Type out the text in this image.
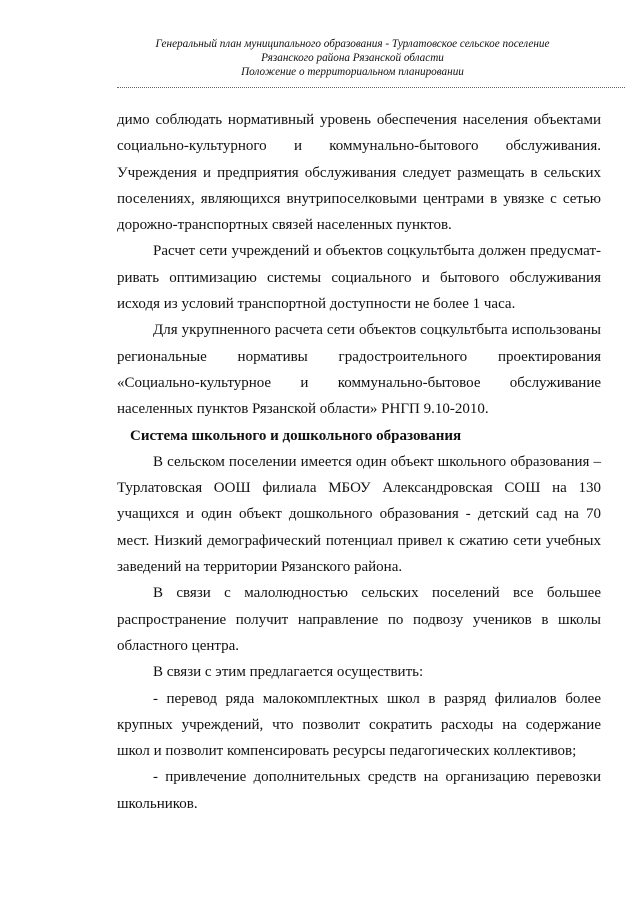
Генеральный план муниципального образования - Турлатовское сельское поселение
Рязанского района Рязанской области
Положение о территориальном планировании

димо соблюдать нормативный уровень обеспечения населения объектами социально-культурного и коммунально-бытового обслуживания. Учреждения и предприятия обслуживания следует размещать в сельских поселениях, являющихся внутрипоселковыми центрами в увязке с сетью дорожно-транспортных связей населенных пунктов.

Расчет сети учреждений и объектов соцкультбыта должен предусмат-ривать оптимизацию системы социального и бытового обслуживания исходя из условий транспортной доступности не более 1 часа.

Для укрупненного расчета сети объектов соцкультбыта использованы региональные нормативы градостроительного проектирования «Социально-культурное и коммунально-бытовое обслуживание населенных пунктов Рязанской области» РНГП 9.10-2010.

Система школьного и дошкольного образования

В сельском поселении имеется один объект школьного образования – Турлатовская ООШ филиала МБОУ Александровская СОШ на 130 учащихся и один объект дошкольного образования - детский сад на 70 мест. Низкий демографический потенциал привел к сжатию сети учебных заведений на территории Рязанского района.

В связи с малолюдностью сельских поселений все большее распространение получит направление по подвозу учеников в школы областного центра.

В связи с этим предлагается осуществить:

- перевод ряда малокомплектных школ в разряд филиалов более крупных учреждений, что позволит сократить расходы на содержание школ и позволит компенсировать ресурсы педагогических коллективов;

- привлечение дополнительных средств на организацию перевозки школьников.
